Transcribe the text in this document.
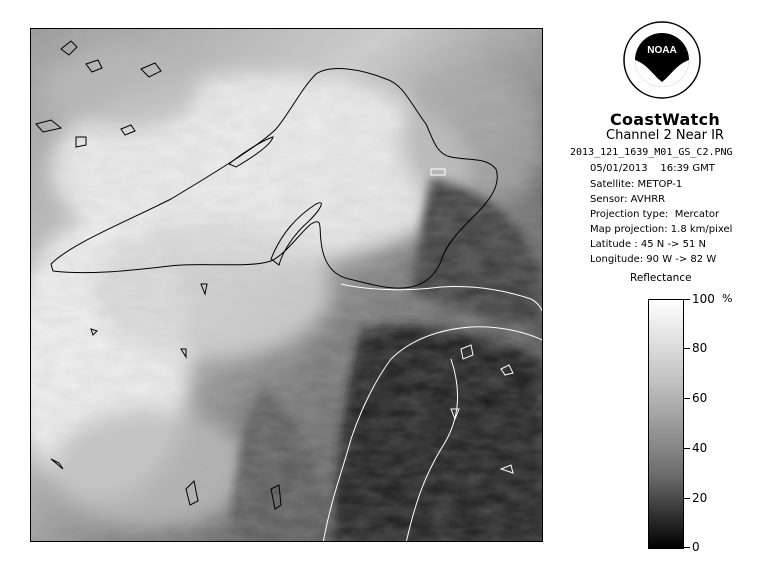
NOAA
CoastWatch
Channel 2 Near IR
2013_121_1639_M01_GS_C2.PNG
05/01/2013    16:39 GMT
Satellite: METOP-1
Sensor: AVHRR
Projection type:  Mercator
Map projection: 1.8 km/pixel
Latitude : 45 N -> 51 N
Longitude: 90 W -> 82 W
Reflectance
%
100
80
60
40
20
0
